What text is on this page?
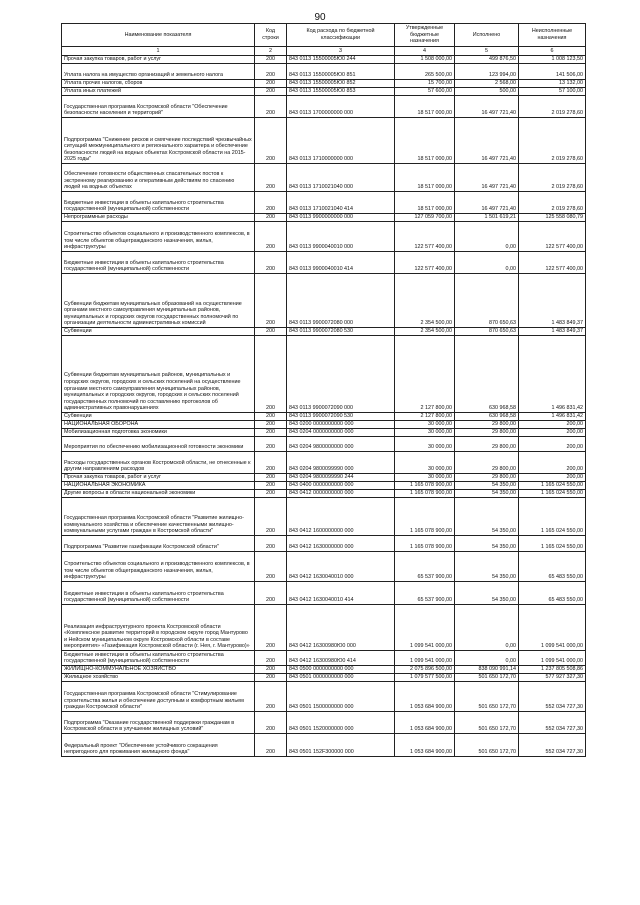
90
Наименование показателя	Код строки	Код расхода по бюджетной классификации	Утвержденные бюджетные назначения	Исполнено	Неисполненные назначения
1	2	3	4	5	6
Прочая закупка товаров, работ и услуг	200	843 0113 15500005Ю0 244	1 508 000,00	499 876,50	1 008 123,50
Уплата налога на имущество организаций и земельного налога	200	843 0113 15500005Ю0 851	265 500,00	123 994,00	141 506,00
Уплата прочих налогов, сборов	200	843 0113 15500005Ю0 852	15 700,00	2 568,00	13 132,00
Уплата иных платежей	200	843 0113 15500005Ю0 853	57 600,00	500,00	57 100,00
Государственная программа Костромской области "Обеспечение безопасности населения и территорий"	200	843 0113 1700000000 000	18 517 000,00	16 497 721,40	2 019 278,60
Подпрограмма "Снижение рисков и смягчение последствий чрезвычайных ситуаций межмуниципального и регионального характера и обеспечение безопасности людей на водных объектах Костромской области на 2015-2025 годы"	200	843 0113 1710000000 000	18 517 000,00	16 497 721,40	2 019 278,60
Обеспечение готовности общественных спасательных постов к экстренному реагированию и оперативным действиям по спасению людей на водных объектах	200	843 0113 1710021040 000	18 517 000,00	16 497 721,40	2 019 278,60
Бюджетные инвестиции в объекты капитального строительства государственной (муниципальной) собственности	200	843 0113 1710021040 414	18 517 000,00	16 497 721,40	2 019 278,60
Непрограммные расходы	200	843 0113 9900000000 000	127 059 700,00	1 501 619,21	125 558 080,79
Строительство объектов социального и производственного комплексов, в том числе объектов общегражданского назначения, жилья, инфраструктуры	200	843 0113 9900040010 000	122 577 400,00	0,00	122 577 400,00
Бюджетные инвестиции в объекты капитального строительства государственной (муниципальной) собственности	200	843 0113 9900040010 414	122 577 400,00	0,00	122 577 400,00
Субвенции бюджетам муниципальных образований на осуществление органами местного самоуправления муниципальных районов, муниципальных и городских округов государственных полномочий по организации деятельности административных комиссий	200	843 0113 9900072080 000	2 354 500,00	870 650,63	1 483 849,37
Субвенции	200	843 0113 9900072080 530	2 354 500,00	870 650,63	1 483 849,37
Субвенции бюджетам муниципальных районов, муниципальных и городских округов, городских и сельских поселений на осуществление органами местного самоуправления муниципальных районов, муниципальных и городских округов, городских и сельских поселений государственных полномочий по составлению протоколов об административных правонарушениях	200	843 0113 9900072090 000	2 127 800,00	630 968,58	1 496 831,42
Субвенции	200	843 0113 9900072090 530	2 127 800,00	630 968,58	1 496 831,42
НАЦИОНАЛЬНАЯ ОБОРОНА	200	843 0200 0000000000 000	30 000,00	29 800,00	200,00
Мобилизационная подготовка экономики	200	843 0204 0000000000 000	30 000,00	29 800,00	200,00
Мероприятия по обеспечению мобилизационной готовности экономики	200	843 0204 9800000000 000	30 000,00	29 800,00	200,00
Расходы государственных органов Костромской области, не отнесенные к другим направлениям расходов	200	843 0204 9800099990 000	30 000,00	29 800,00	200,00
Прочая закупка товаров, работ и услуг	200	843 0204 9800099990 244	30 000,00	29 800,00	200,00
НАЦИОНАЛЬНАЯ ЭКОНОМИКА	200	843 0400 0000000000 000	1 165 078 900,00	54 350,00	1 165 024 550,00
Другие вопросы в области национальной экономики	200	843 0412 0000000000 000	1 165 078 900,00	54 350,00	1 165 024 550,00
Государственная программа Костромской области "Развитие жилищно-коммунального хозяйства и обеспечение качественными жилищно-коммунальными услугами граждан в Костромской области"	200	843 0412 1600000000 000	1 165 078 900,00	54 350,00	1 165 024 550,00
Подпрограмма "Развитие газификации Костромской области"	200	843 0412 1630000000 000	1 165 078 900,00	54 350,00	1 165 024 550,00
Строительство объектов социального и производственного комплексов, в том числе объектов общегражданского назначения, жилья, инфраструктуры	200	843 0412 1630040010 000	65 537 900,00	54 350,00	65 483 550,00
Бюджетные инвестиции в объекты капитального строительства государственной (муниципальной) собственности	200	843 0412 1630040010 414	65 537 900,00	54 350,00	65 483 550,00
Реализация инфраструктурного проекта Костромской области «Комплексное развитие территорий в городском округе город Мантурово и Нейском муниципальном округе Костромской области в составе мероприятия» «Газификация Костромской области (г. Нея, г. Мантурово)»	200	843 0412 16300980Ю0 000	1 099 541 000,00	0,00	1 099 541 000,00
Бюджетные инвестиции в объекты капитального строительства государственной (муниципальной) собственности	200	843 0412 16300980Ю0 414	1 099 541 000,00	0,00	1 099 541 000,00
ЖИЛИЩНО-КОММУНАЛЬНОЕ ХОЗЯЙСТВО	200	843 0500 0000000000 000	2 075 896 500,00	838 090 991,14	1 237 805 508,86
Жилищное хозяйство	200	843 0501 0000000000 000	1 079 577 500,00	501 650 172,70	577 927 327,30
Государственная программа Костромской области "Стимулирование строительства жилья и обеспечение доступным и комфортным жильем граждан Костромской области"	200	843 0501 1500000000 000	1 053 684 900,00	501 650 172,70	552 034 727,30
Подпрограмма "Оказание государственной поддержки гражданам в Костромской области в улучшении жилищных условий"	200	843 0501 1520000000 000	1 053 684 900,00	501 650 172,70	552 034 727,30
Федеральный проект "Обеспечение устойчивого сокращения непригодного для проживания жилищного фонда"	200	843 0501 152F300000 000	1 053 684 900,00	501 650 172,70	552 034 727,30
